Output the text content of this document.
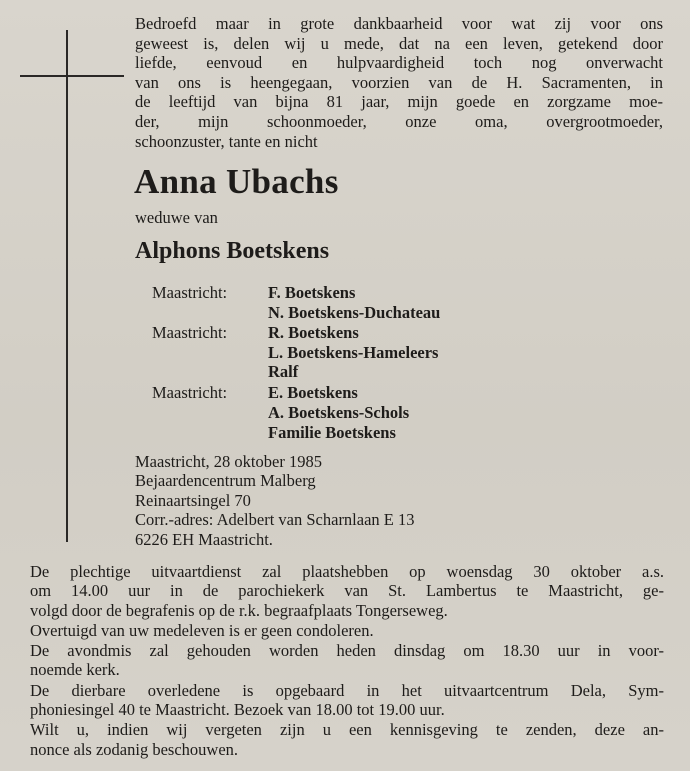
Bedroefd maar in grote dankbaarheid voor wat zij voor ons
geweest is, delen wij u mede, dat na een leven, getekend door
liefde, eenvoud en hulpvaardigheid toch nog onverwacht
van ons is heengegaan, voorzien van de H. Sacramenten, in
de leeftijd van bijna 81 jaar, mijn goede en zorgzame moe-
der, mijn schoonmoeder, onze oma, overgrootmoeder,
schoonzuster, tante en nicht
Anna Ubachs
weduwe van
Alphons Boetskens
Maastricht: F. Boetskens
N. Boetskens-Duchateau
Maastricht: R. Boetskens
L. Boetskens-Hameleers
Ralf
Maastricht: E. Boetskens
A. Boetskens-Schols
Familie Boetskens
Maastricht, 28 oktober 1985
Bejaardencentrum Malberg
Reinaartsingel 70
Corr.-adres: Adelbert van Scharnlaan E 13
6226 EH Maastricht.
De plechtige uitvaartdienst zal plaatshebben op woensdag 30 oktober a.s.
om 14.00 uur in de parochiekerk van St. Lambertus te Maastricht, ge-
volgd door de begrafenis op de r.k. begraafplaats Tongerseweg.
Overtuigd van uw medeleven is er geen condoleren.
De avondmis zal gehouden worden heden dinsdag om 18.30 uur in voor-
noemde kerk.
De dierbare overledene is opgebaard in het uitvaartcentrum Dela, Sym-
phoniesingel 40 te Maastricht. Bezoek van 18.00 tot 19.00 uur.
Wilt u, indien wij vergeten zijn u een kennisgeving te zenden, deze an-
nonce als zodanig beschouwen.
